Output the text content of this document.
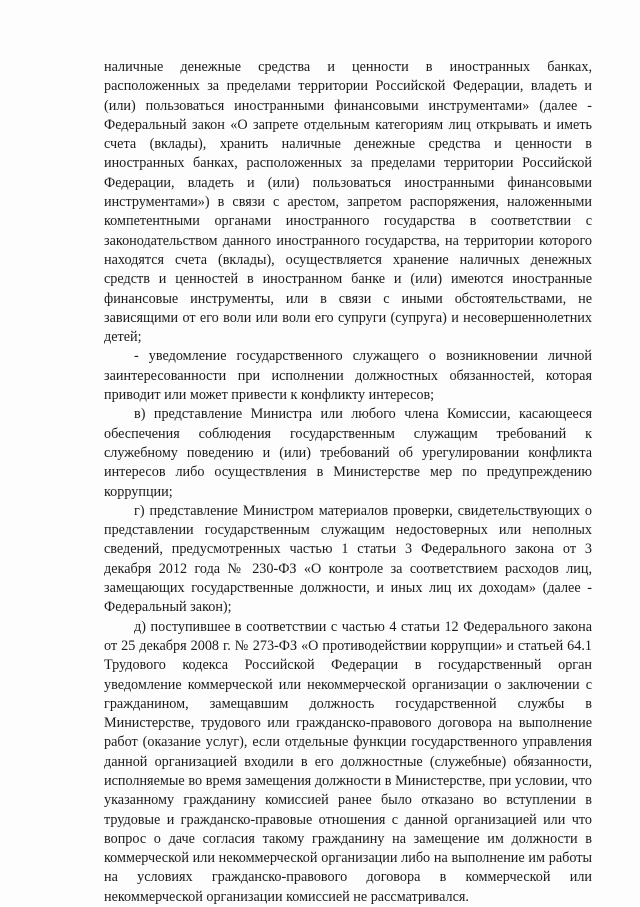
наличные денежные средства и ценности в иностранных банках, расположенных за пределами территории Российской Федерации, владеть и (или) пользоваться иностранными финансовыми инструментами» (далее - Федеральный закон «О запрете отдельным категориям лиц открывать и иметь счета (вклады), хранить наличные денежные средства и ценности в иностранных банках, расположенных за пределами территории Российской Федерации, владеть и (или) пользоваться иностранными финансовыми инструментами») в связи с арестом, запретом распоряжения, наложенными компетентными органами иностранного государства в соответствии с законодательством данного иностранного государства, на территории которого находятся счета (вклады), осуществляется хранение наличных денежных средств и ценностей в иностранном банке и (или) имеются иностранные финансовые инструменты, или в связи с иными обстоятельствами, не зависящими от его воли или воли его супруги (супруга) и несовершеннолетних детей;

- уведомление государственного служащего о возникновении личной заинтересованности при исполнении должностных обязанностей, которая приводит или может привести к конфликту интересов;

в) представление Министра или любого члена Комиссии, касающееся обеспечения соблюдения государственным служащим требований к служебному поведению и (или) требований об урегулировании конфликта интересов либо осуществления в Министерстве мер по предупреждению коррупции;

г) представление Министром материалов проверки, свидетельствующих о представлении государственным служащим недостоверных или неполных сведений, предусмотренных частью 1 статьи 3 Федерального закона от 3 декабря 2012 года № 230-ФЗ «О контроле за соответствием расходов лиц, замещающих государственные должности, и иных лиц их доходам» (далее - Федеральный закон);

д) поступившее в соответствии с частью 4 статьи 12 Федерального закона от 25 декабря 2008 г. № 273-ФЗ «О противодействии коррупции» и статьей 64.1 Трудового кодекса Российской Федерации в государственный орган уведомление коммерческой или некоммерческой организации о заключении с гражданином, замещавшим должность государственной службы в Министерстве, трудового или гражданско-правового договора на выполнение работ (оказание услуг), если отдельные функции государственного управления данной организацией входили в его должностные (служебные) обязанности, исполняемые во время замещения должности в Министерстве, при условии, что указанному гражданину комиссией ранее было отказано во вступлении в трудовые и гражданско-правовые отношения с данной организацией или что вопрос о даче согласия такому гражданину на замещение им должности в коммерческой или некоммерческой организации либо на выполнение им работы на условиях гражданско-правового договора в коммерческой или некоммерческой организации комиссией не рассматривался.
